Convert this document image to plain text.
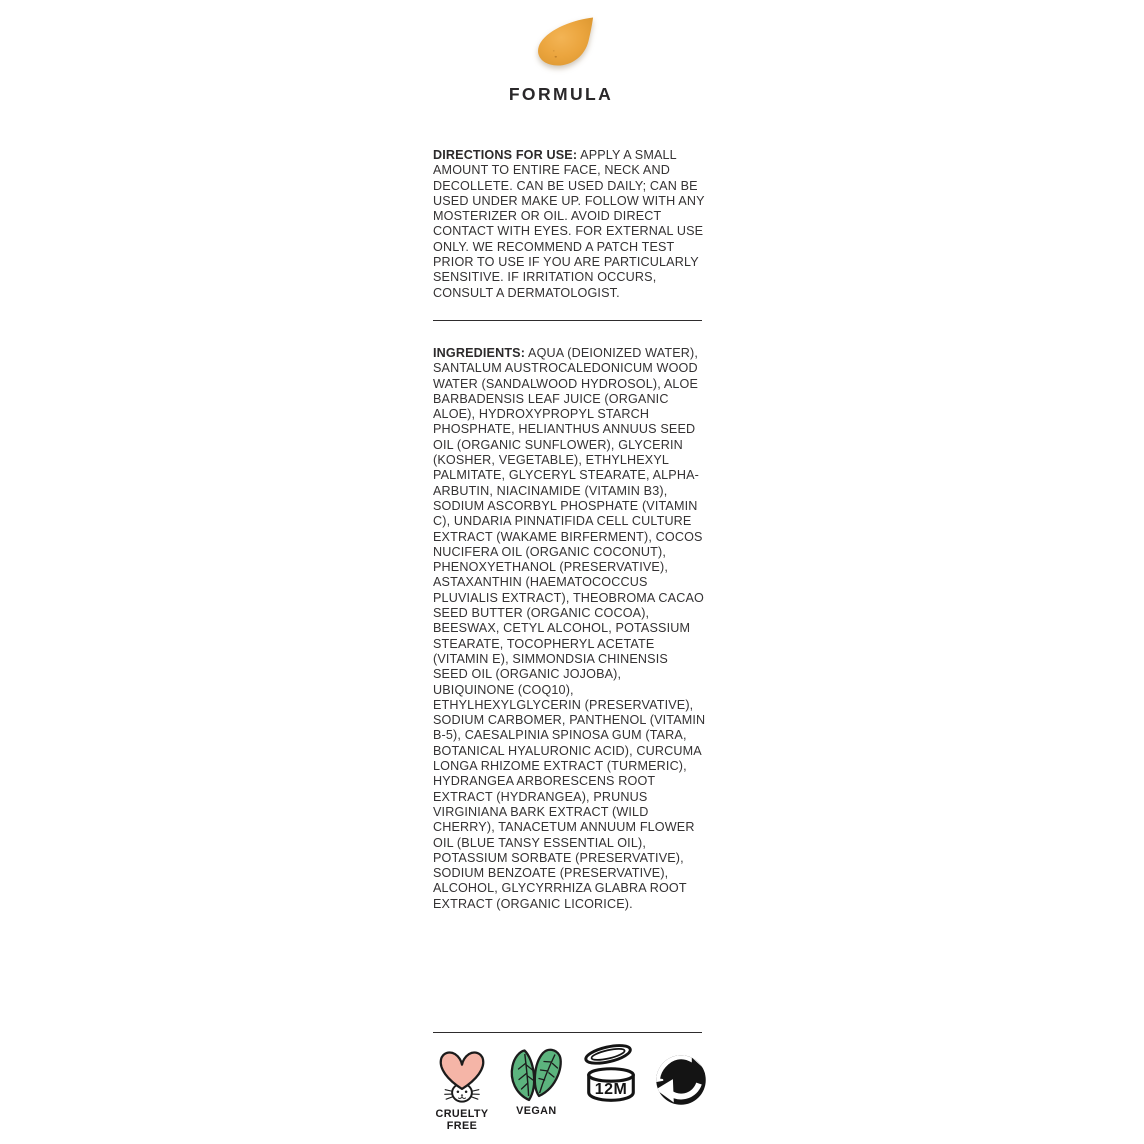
FORMULA

DIRECTIONS FOR USE: APPLY A SMALL AMOUNT TO ENTIRE FACE, NECK AND DECOLLETE. CAN BE USED DAILY; CAN BE USED UNDER MAKE UP. FOLLOW WITH ANY MOSTERIZER OR OIL. AVOID DIRECT CONTACT WITH EYES. FOR EXTERNAL USE ONLY. WE RECOMMEND A PATCH TEST PRIOR TO USE IF YOU ARE PARTICULARLY SENSITIVE. IF IRRITATION OCCURS, CONSULT A DERMATOLOGIST.

INGREDIENTS: AQUA (DEIONIZED WATER), SANTALUM AUSTROCALEDONICUM WOOD WATER (SANDALWOOD HYDROSOL), ALOE BARBADENSIS LEAF JUICE (ORGANIC ALOE), HYDROXYPROPYL STARCH PHOSPHATE, HELIANTHUS ANNUUS SEED OIL (ORGANIC SUNFLOWER), GLYCERIN (KOSHER, VEGETABLE), ETHYLHEXYL PALMITATE, GLYCERYL STEARATE, ALPHA-ARBUTIN, NIACINAMIDE (VITAMIN B3), SODIUM ASCORBYL PHOSPHATE (VITAMIN C), UNDARIA PINNATIFIDA CELL CULTURE EXTRACT (WAKAME BIRFERMENT), COCOS NUCIFERA OIL (ORGANIC COCONUT), PHENOXYETHANOL (PRESERVATIVE), ASTAXANTHIN (HAEMATOCOCCUS PLUVIALIS EXTRACT), THEOBROMA CACAO SEED BUTTER (ORGANIC COCOA), BEESWAX, CETYL ALCOHOL, POTASSIUM STEARATE, TOCOPHERYL ACETATE (VITAMIN E), SIMMONDSIA CHINENSIS SEED OIL (ORGANIC JOJOBA), UBIQUINONE (COQ10), ETHYLHEXYLGLYCERIN (PRESERVATIVE), SODIUM CARBOMER, PANTHENOL (VITAMIN B-5), CAESALPINIA SPINOSA GUM (TARA, BOTANICAL HYALURONIC ACID), CURCUMA LONGA RHIZOME EXTRACT (TURMERIC), HYDRANGEA ARBORESCENS ROOT EXTRACT (HYDRANGEA), PRUNUS VIRGINIANA BARK EXTRACT (WILD CHERRY), TANACETUM ANNUUM FLOWER OIL (BLUE TANSY ESSENTIAL OIL), POTASSIUM SORBATE (PRESERVATIVE), SODIUM BENZOATE (PRESERVATIVE), ALCOHOL, GLYCYRRHIZA GLABRA ROOT EXTRACT (ORGANIC LICORICE).

CRUELTY FREE
VEGAN
12M
